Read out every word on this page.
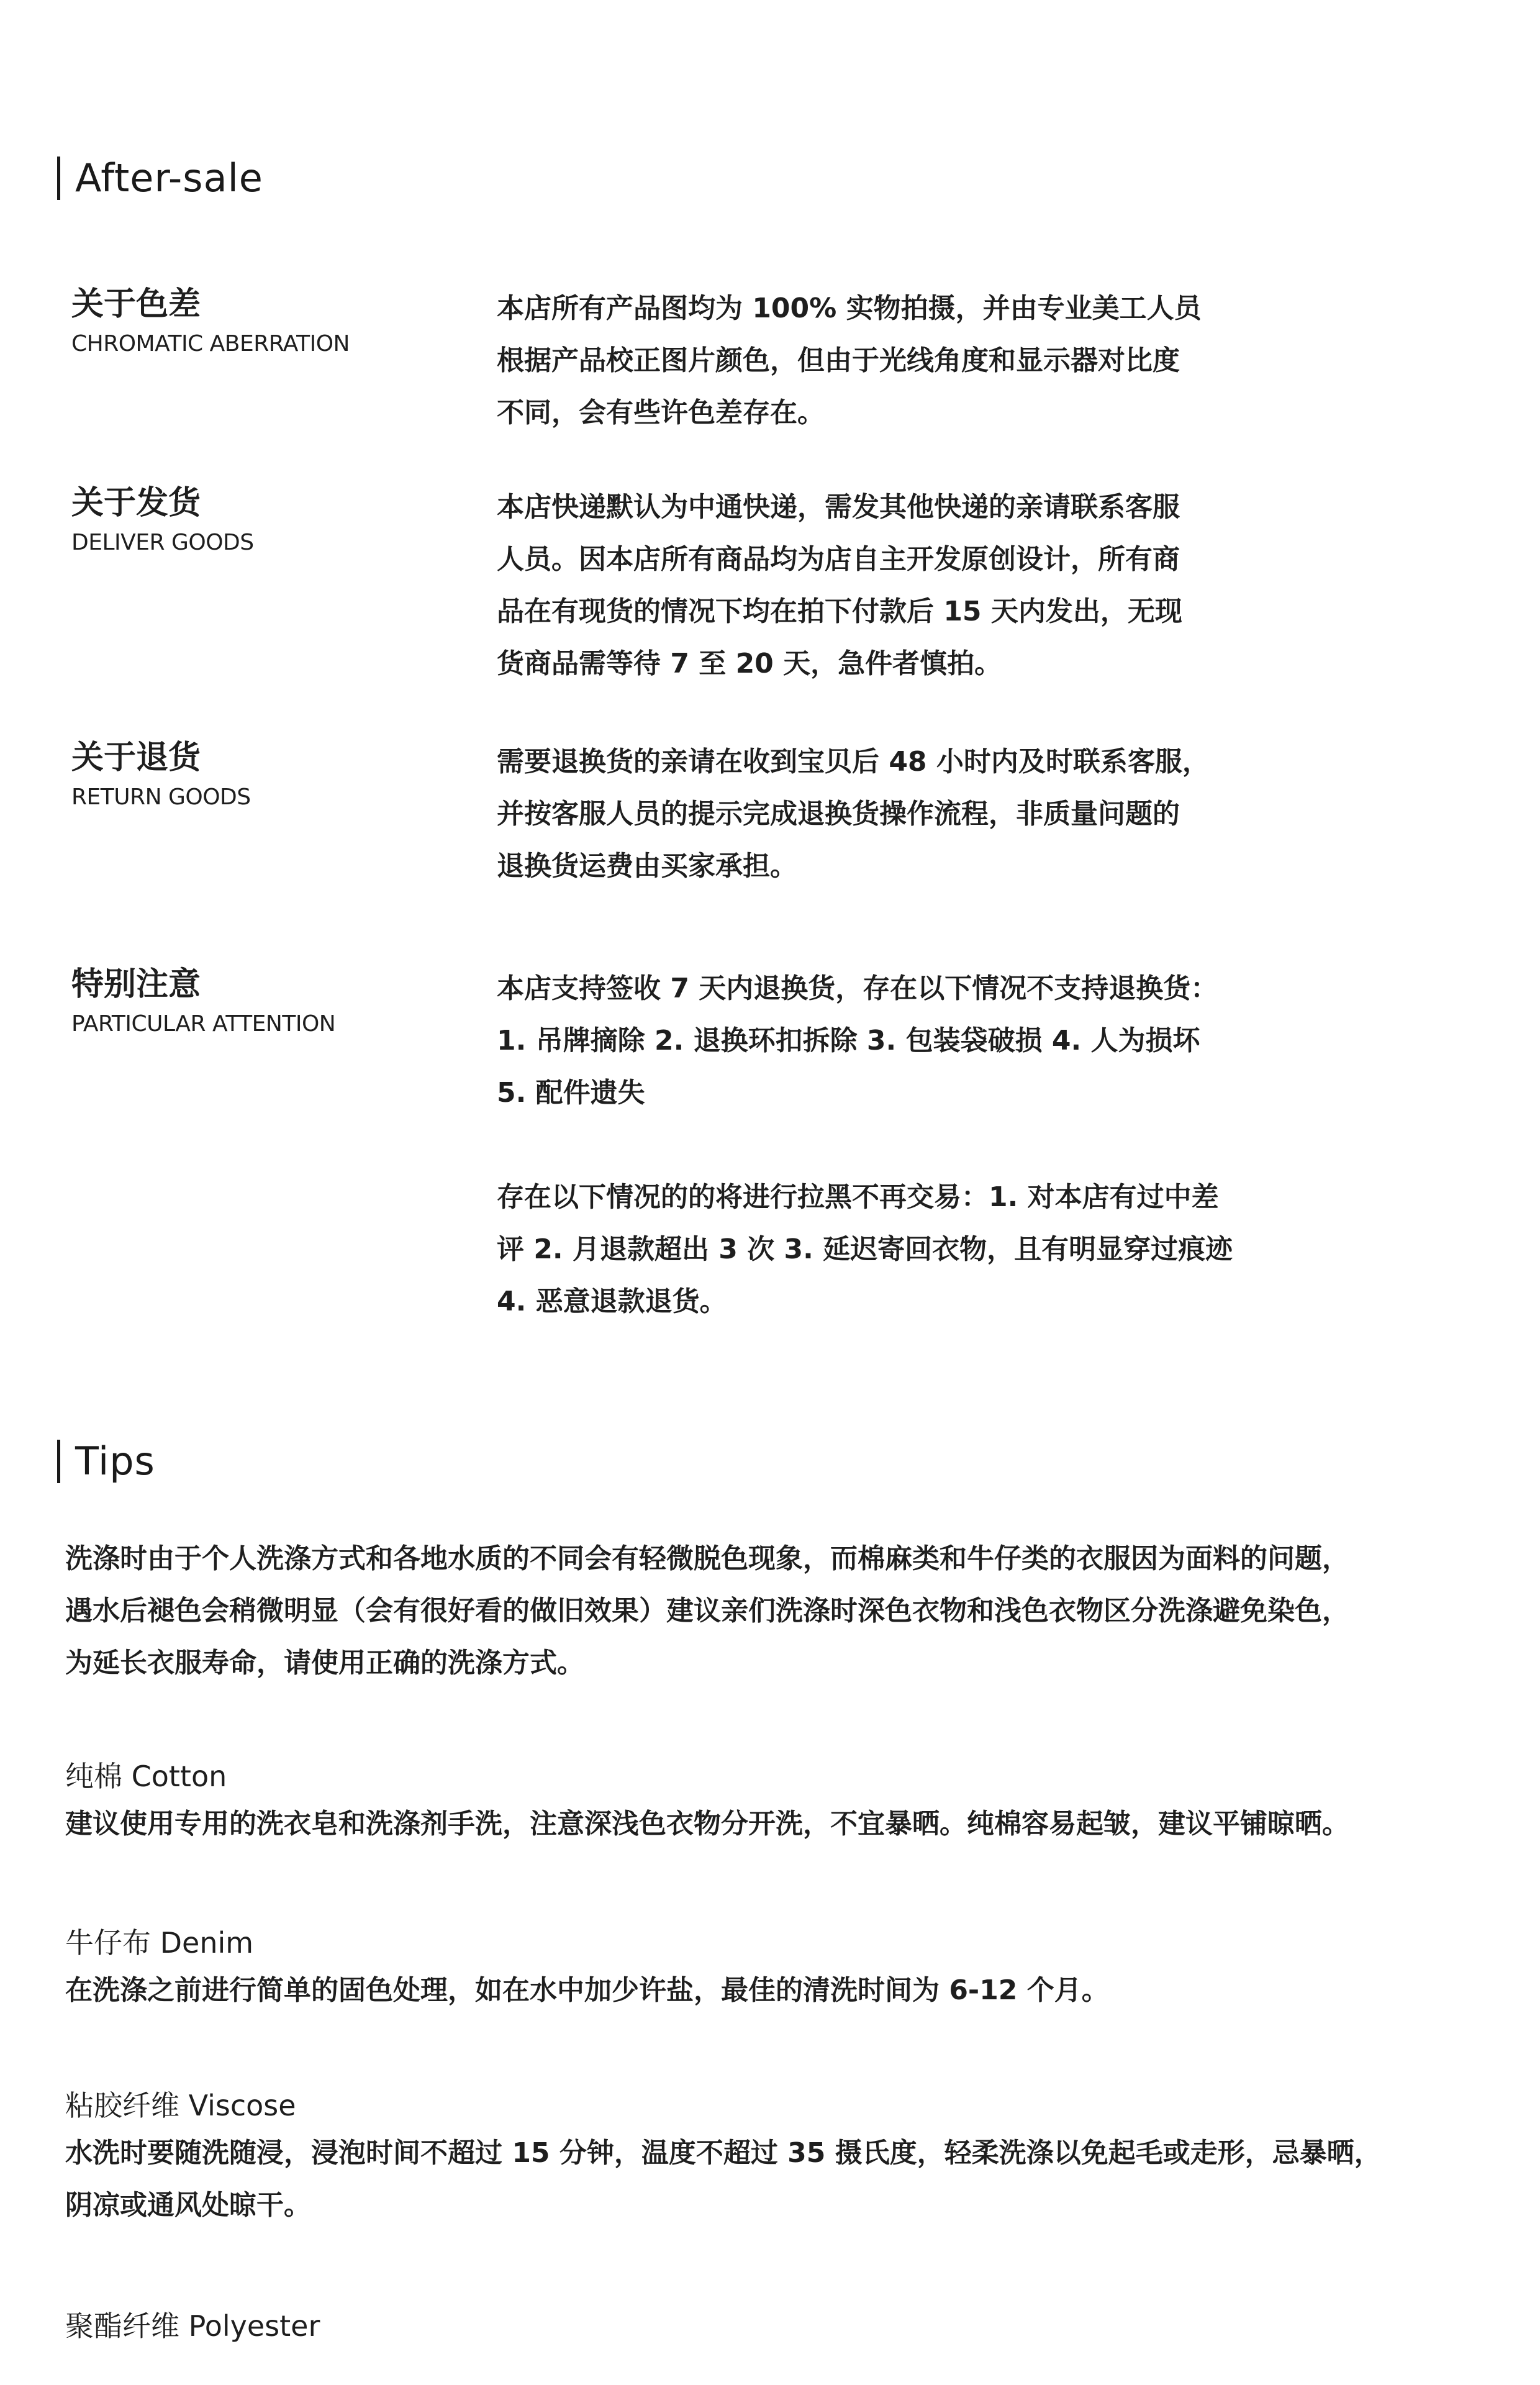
After-sale
关于色差
CHROMATIC ABERRATION

本店所有产品图均为 100% 实物拍摄，并由专业美工人员

根据产品校正图片颜色，但由于光线角度和显示器对比度

不同，会有些许色差存在。

关于发货
DELIVER GOODS

本店快递默认为中通快递，需发其他快递的亲请联系客服

人员。因本店所有商品均为店自主开发原创设计，所有商

品在有现货的情况下均在拍下付款后 15 天内发出，无现

货商品需等待 7 至 20 天，急件者慎拍。

关于退货
RETURN GOODS

需要退换货的亲请在收到宝贝后 48 小时内及时联系客服，

并按客服人员的提示完成退换货操作流程，非质量问题的

退换货运费由买家承担。

特别注意
PARTICULAR ATTENTION

本店支持签收 7 天内退换货，存在以下情况不支持退换货：

1. 吊牌摘除 2. 退换环扣拆除 3. 包装袋破损 4. 人为损坏

5. 配件遗失

存在以下情况的的将进行拉黑不再交易：1. 对本店有过中差

评 2. 月退款超出 3 次 3. 延迟寄回衣物，且有明显穿过痕迹

4. 恶意退款退货。

Tips
洗涤时由于个人洗涤方式和各地水质的不同会有轻微脱色现象，而棉麻类和牛仔类的衣服因为面料的问题，
遇水后褪色会稍微明显（会有很好看的做旧效果）建议亲们洗涤时深色衣物和浅色衣物区分洗涤避免染色，
为延长衣服寿命，请使用正确的洗涤方式。
纯棉 Cotton
建议使用专用的洗衣皂和洗涤剂手洗，注意深浅色衣物分开洗，不宜暴晒。纯棉容易起皱，建议平铺晾晒。
牛仔布 Denim
在洗涤之前进行简单的固色处理，如在水中加少许盐，最佳的清洗时间为 6-12 个月。
粘胶纤维 Viscose
水洗时要随洗随浸，浸泡时间不超过 15 分钟，温度不超过 35 摄氏度，轻柔洗涤以免起毛或走形，忌暴晒，
阴凉或通风处晾干。
聚酯纤维 Polyester
